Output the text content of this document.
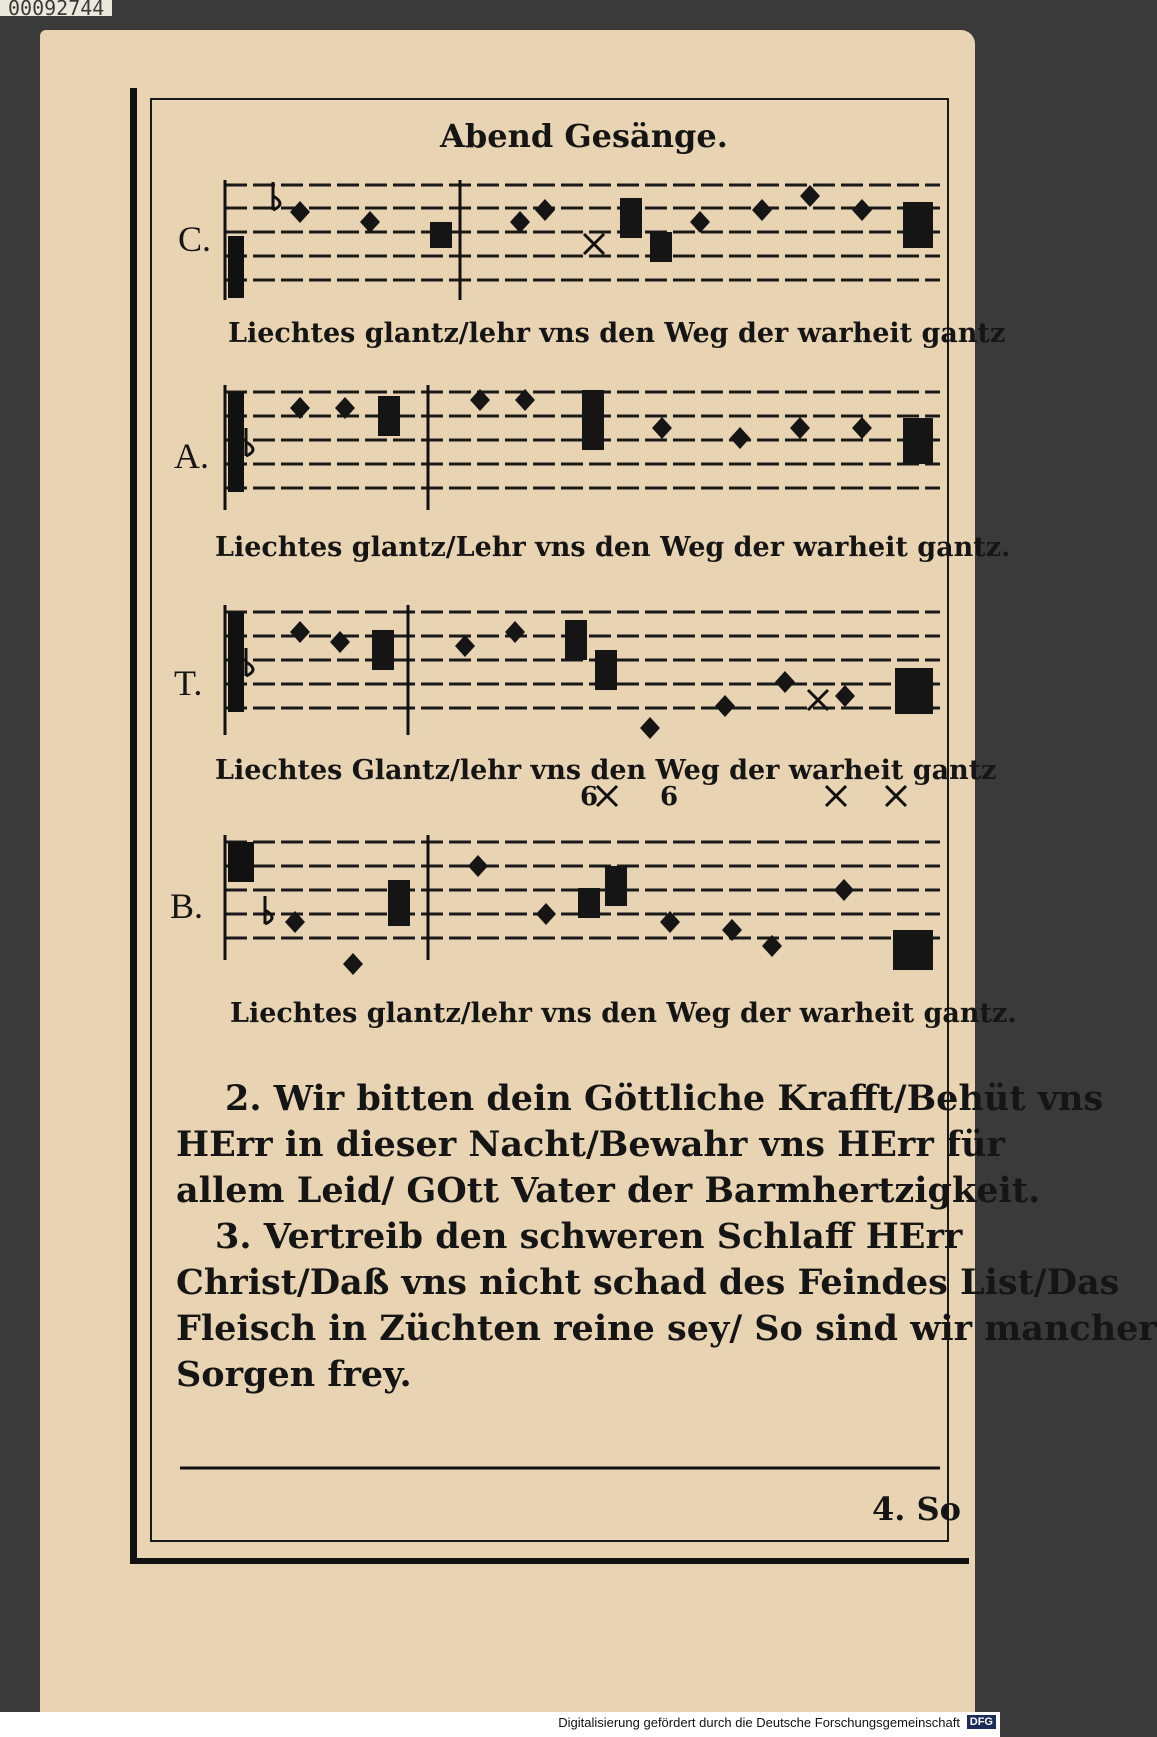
00092744
Abend Gesänge.
C.
A.
T.
B.
Liechtes glantz/lehr vns den Weg der warheit gantz
Liechtes glantz/Lehr vns den Weg der warheit gantz.
Liechtes Glantz/lehr vns den Weg der warheit gantz
Liechtes glantz/lehr vns den Weg der warheit gantz.
6 6
2. Wir bitten dein Göttliche Krafft/Behüt vns
HErr in dieser Nacht/Bewahr vns HErr für
allem Leid/ GOtt Vater der Barmhertzigkeit.
3. Vertreib den schweren Schlaff HErr
Christ/Daß vns nicht schad des Feindes List/Das
Fleisch in Züchten reine sey/ So sind wir mancher
Sorgen frey.
4. So
Digitalisierung gefördert durch die Deutsche Forschungsgemeinschaft DFG
